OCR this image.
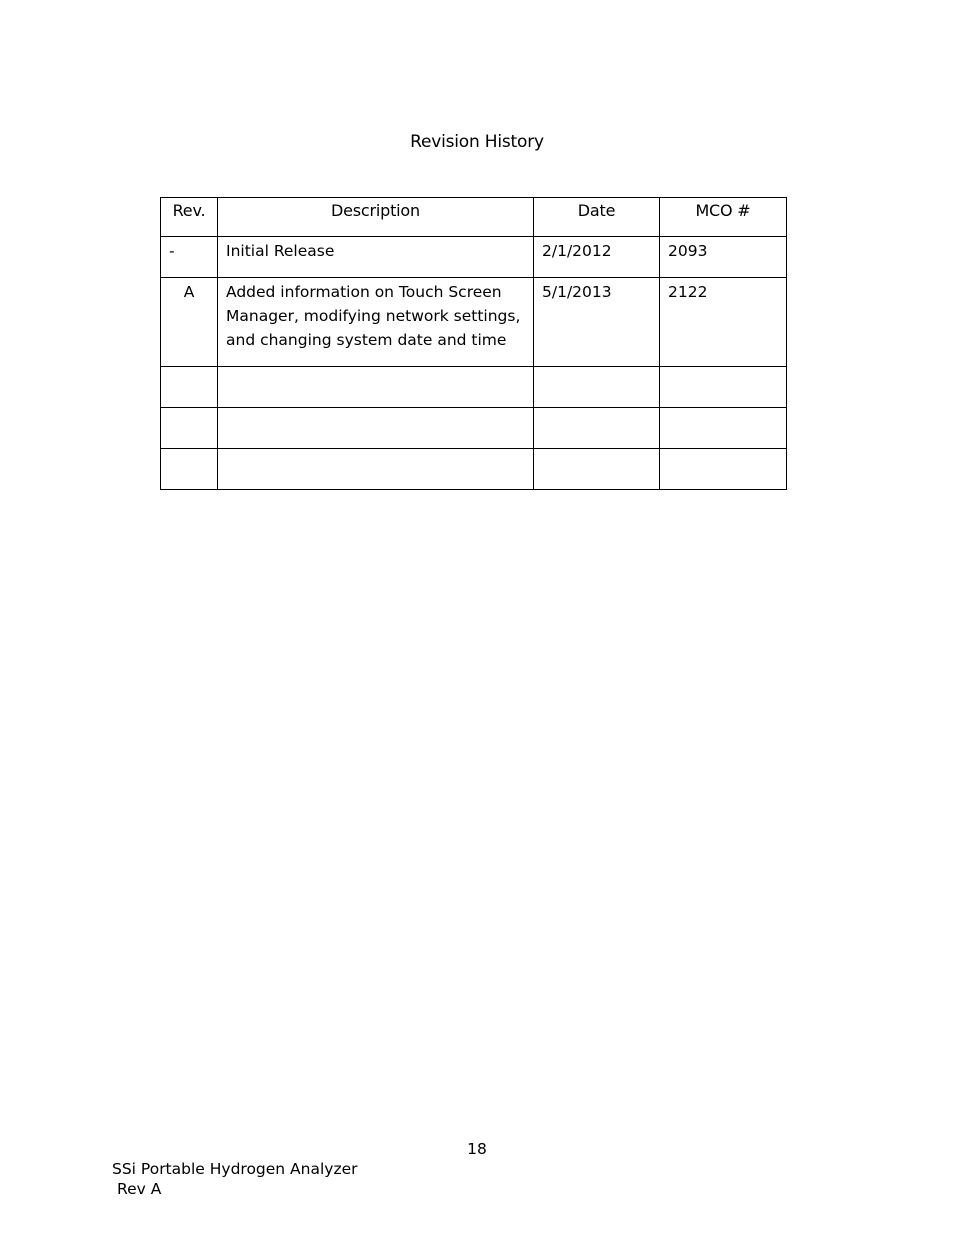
Revision History
Rev.	Description	Date	MCO #
-	Initial Release	2/1/2012	2093
A	Added information on Touch Screen
Manager, modifying network settings,
and changing system date and time	5/1/2013	2122

18
SSi Portable Hydrogen Analyzer
Rev A
